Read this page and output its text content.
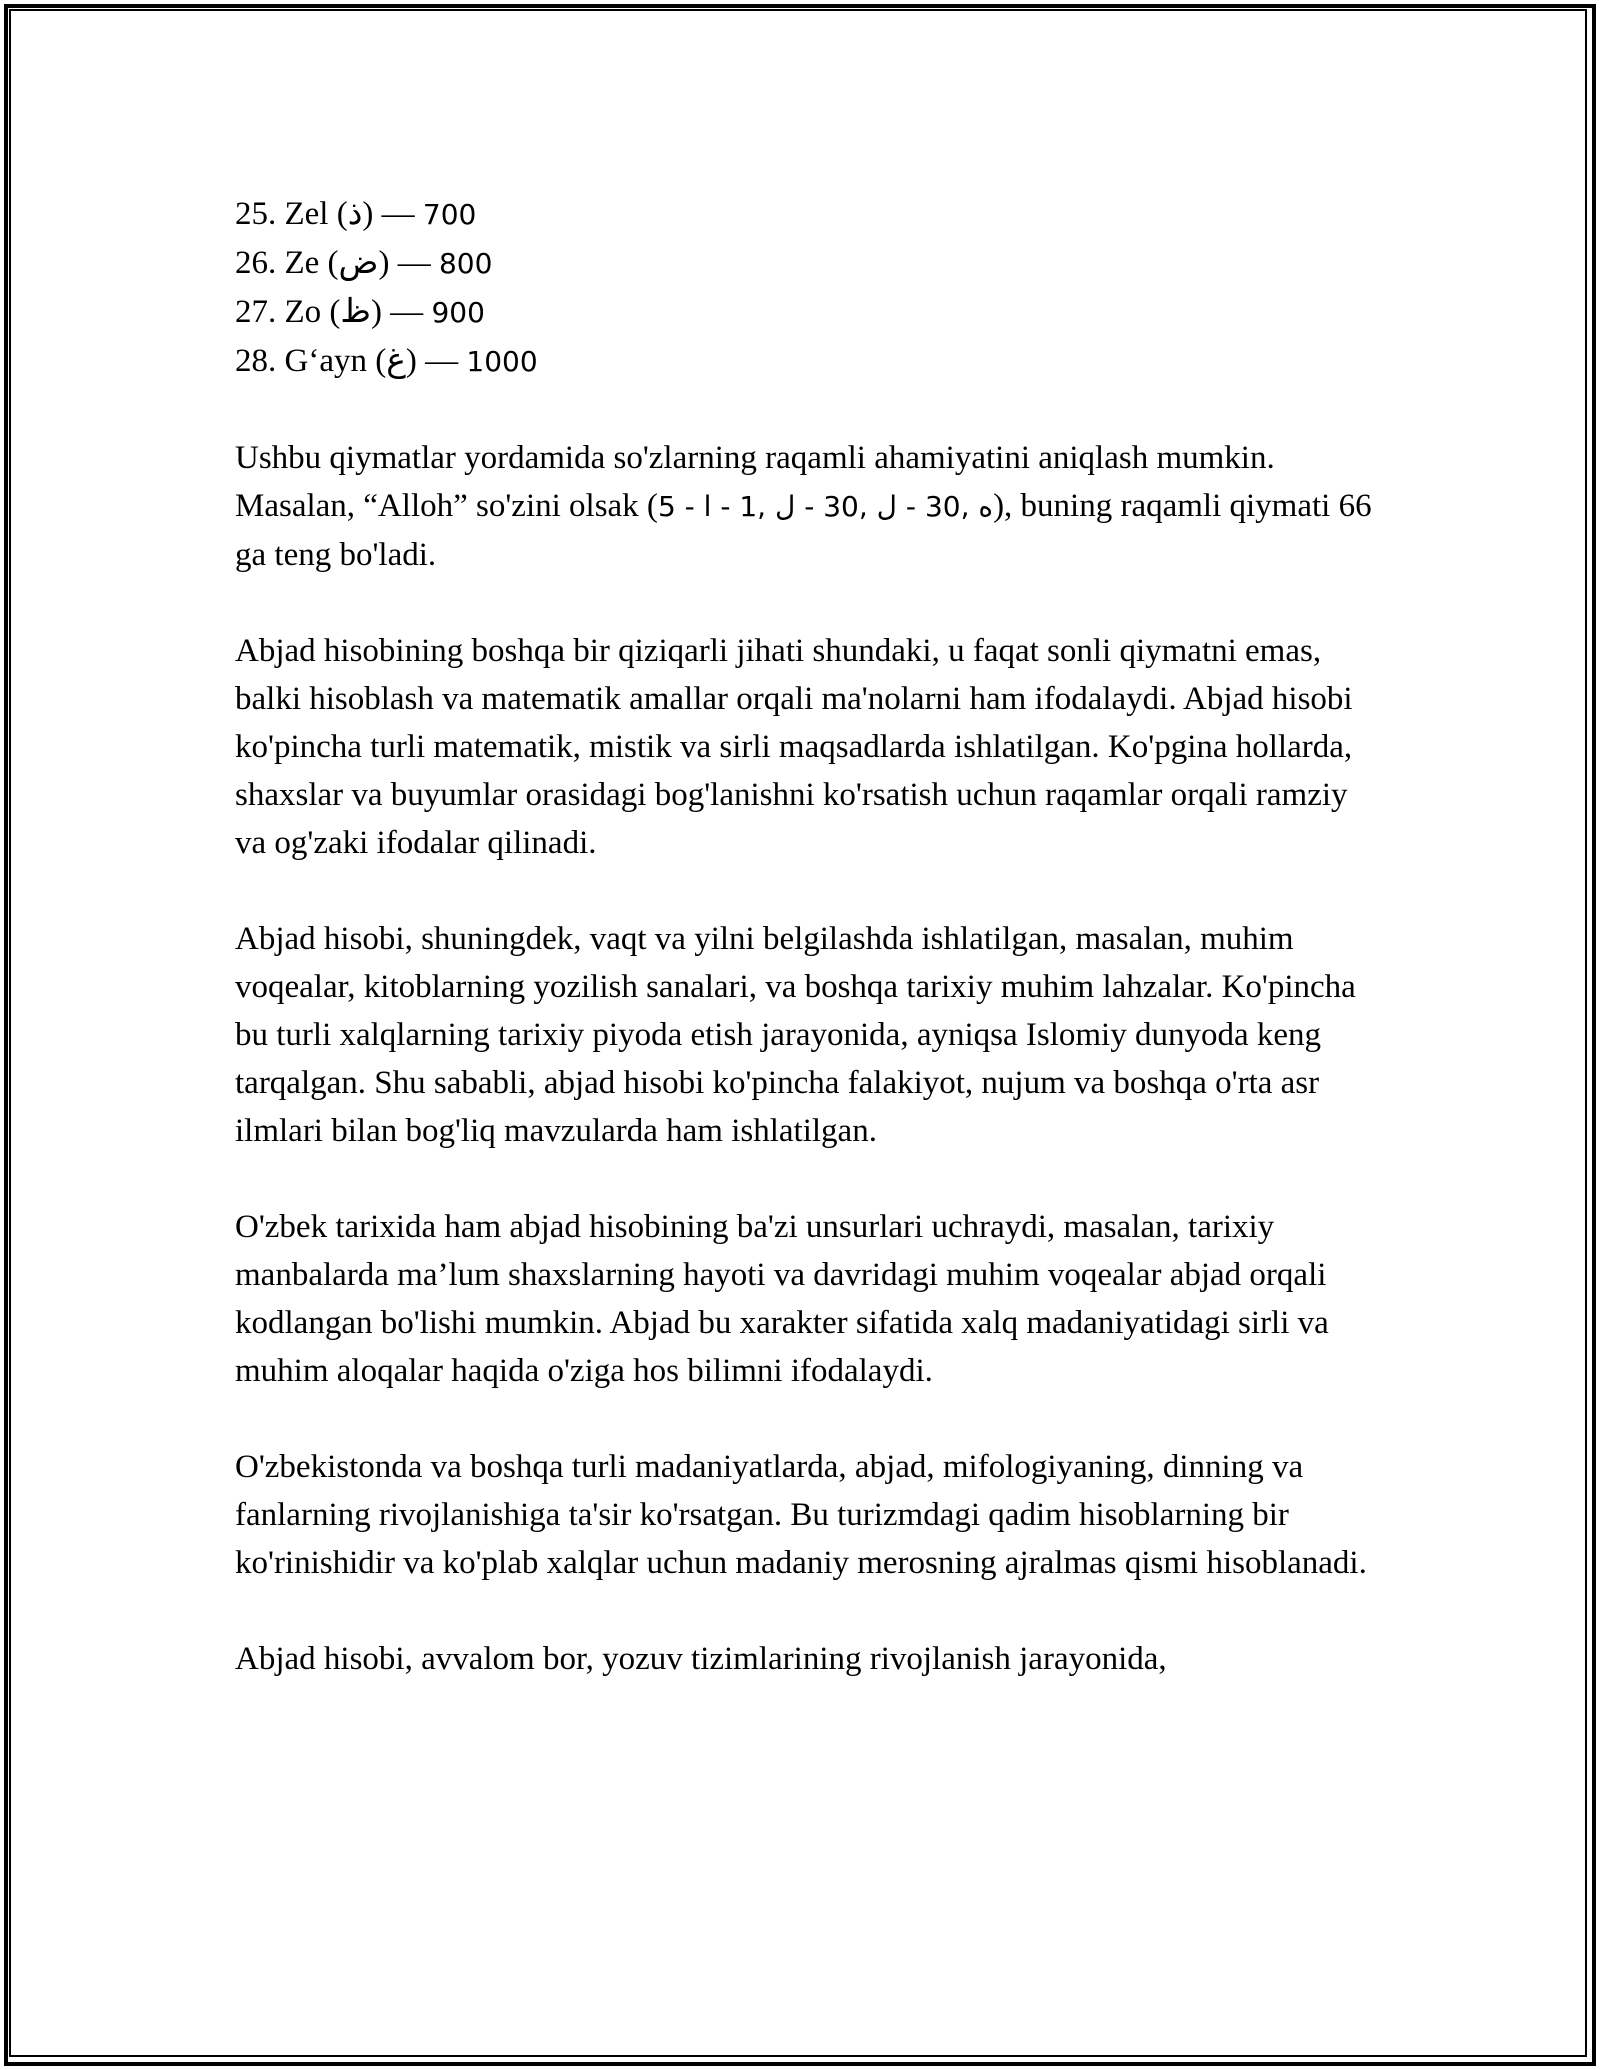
25. Zel (ذ) — 700
26. Ze (ض) — 800
27. Zo (ظ) — 900
28. G‘ayn (غ) — 1000

Ushbu qiymatlar yordamida so'zlarning raqamli ahamiyatini aniqlash mumkin. Masalan, “Alloh” so'zini olsak (5 - ه ,30 - ل ,30 - ل ,1 - ا), buning raqamli qiymati 66 ga teng bo'ladi.

Abjad hisobining boshqa bir qiziqarli jihati shundaki, u faqat sonli qiymatni emas, balki hisoblash va matematik amallar orqali ma'nolarni ham ifodalaydi. Abjad hisobi ko'pincha turli matematik, mistik va sirli maqsadlarda ishlatilgan. Ko'pgina hollarda, shaxslar va buyumlar orasidagi bog'lanishni ko'rsatish uchun raqamlar orqali ramziy va og'zaki ifodalar qilinadi.

Abjad hisobi, shuningdek, vaqt va yilni belgilashda ishlatilgan, masalan, muhim voqealar, kitoblarning yozilish sanalari, va boshqa tarixiy muhim lahzalar. Ko'pincha bu turli xalqlarning tarixiy piyoda etish jarayonida, ayniqsa Islomiy dunyoda keng tarqalgan. Shu sababli, abjad hisobi ko'pincha falakiyot, nujum va boshqa o'rta asr ilmlari bilan bog'liq mavzularda ham ishlatilgan.

O'zbek tarixida ham abjad hisobining ba'zi unsurlari uchraydi, masalan, tarixiy manbalarda ma’lum shaxslarning hayoti va davridagi muhim voqealar abjad orqali kodlangan bo'lishi mumkin. Abjad bu xarakter sifatida xalq madaniyatidagi sirli va muhim aloqalar haqida o'ziga hos bilimni ifodalaydi.

O'zbekistonda va boshqa turli madaniyatlarda, abjad, mifologiyaning, dinning va fanlarning rivojlanishiga ta'sir ko'rsatgan. Bu turizmdagi qadim hisoblarning bir ko'rinishidir va ko'plab xalqlar uchun madaniy merosning ajralmas qismi hisoblanadi.

Abjad hisobi, avvalom bor, yozuv tizimlarining rivojlanish jarayonida,
